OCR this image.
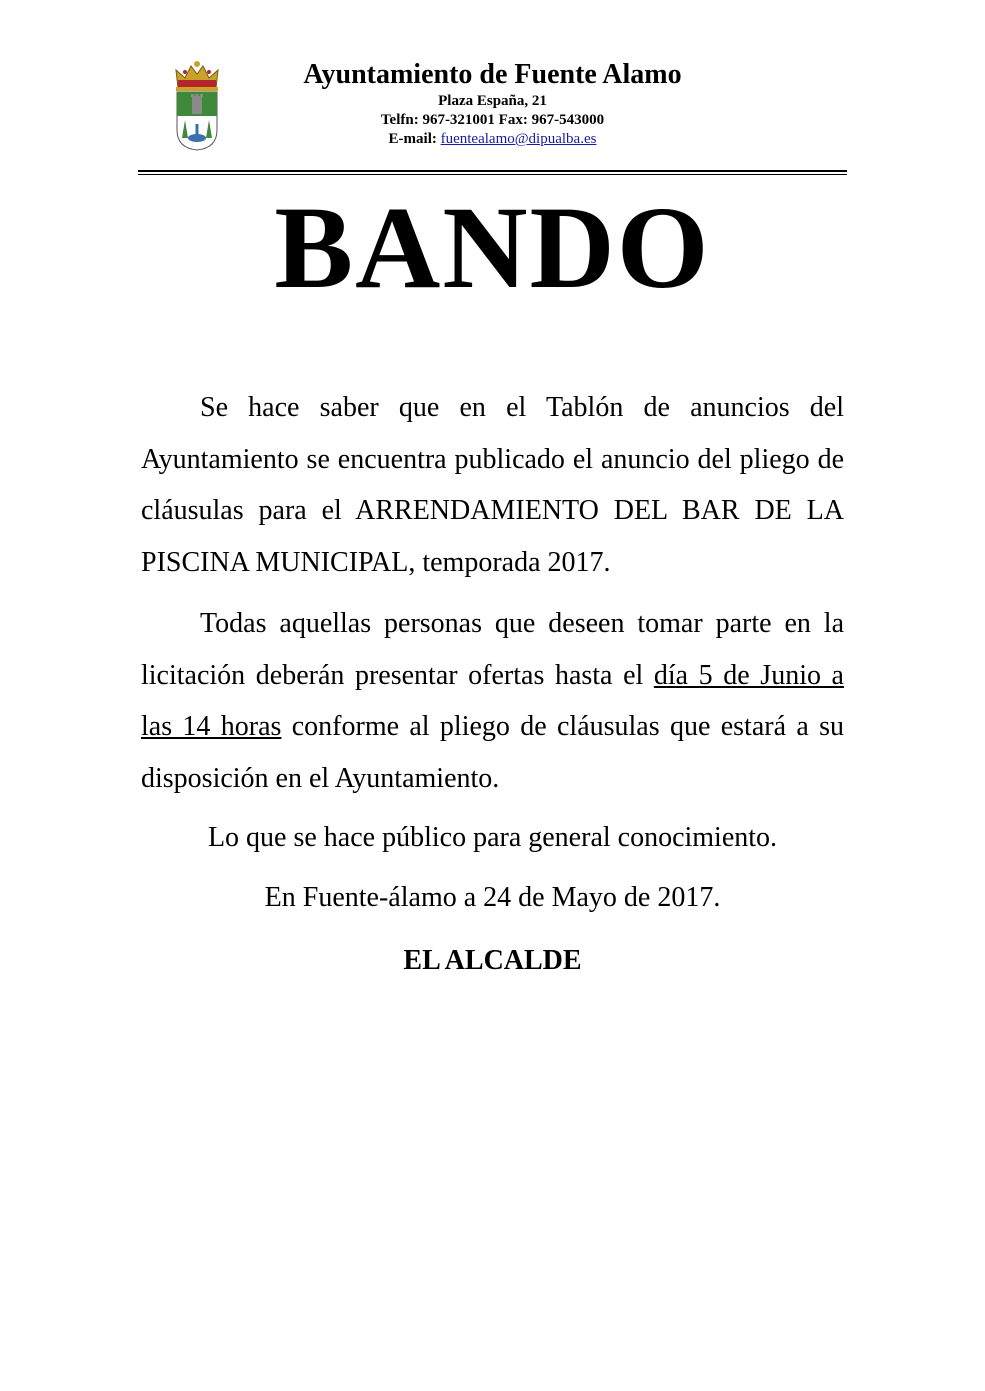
Ayuntamiento de Fuente Alamo
Plaza España, 21
Telfn: 967-321001 Fax: 967-543000
E-mail: fuentealamo@dipualba.es
BANDO

Se hace saber que en el Tablón de anuncios del Ayuntamiento se encuentra publicado el anuncio del pliego de cláusulas para el ARRENDAMIENTO DEL BAR DE LA PISCINA MUNICIPAL, temporada 2017.

Todas aquellas personas que deseen tomar parte en la licitación deberán presentar ofertas hasta el día 5 de Junio a las 14 horas conforme al pliego de cláusulas que estará a su disposición en el Ayuntamiento.

Lo que se hace público para general conocimiento.

En Fuente-álamo a 24 de Mayo de 2017.

EL ALCALDE
